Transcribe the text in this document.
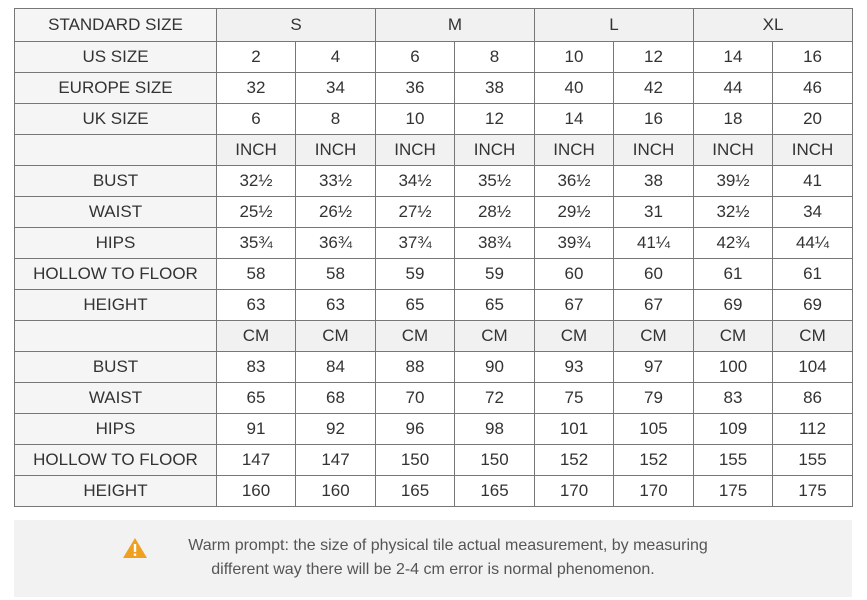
STANDARD SIZE	S		M		L		XL	
US SIZE	2	4	6	8	10	12	14	16
EUROPE SIZE	32	34	36	38	40	42	44	46
UK SIZE	6	8	10	12	14	16	18	20
	INCH	INCH	INCH	INCH	INCH	INCH	INCH	INCH
BUST	32½	33½	34½	35½	36½	38	39½	41
WAIST	25½	26½	27½	28½	29½	31	32½	34
HIPS	35¾	36¾	37¾	38¾	39¾	41¼	42¾	44¼
HOLLOW TO FLOOR	58	58	59	59	60	60	61	61
HEIGHT	63	63	65	65	67	67	69	69
	CM	CM	CM	CM	CM	CM	CM	CM
BUST	83	84	88	90	93	97	100	104
WAIST	65	68	70	72	75	79	83	86
HIPS	91	92	96	98	101	105	109	112
HOLLOW TO FLOOR	147	147	150	150	152	152	155	155
HEIGHT	160	160	165	165	170	170	175	175
Warm prompt: the size of physical tile actual measurement, by measuring
different way there will be 2-4 cm error is normal phenomenon.
